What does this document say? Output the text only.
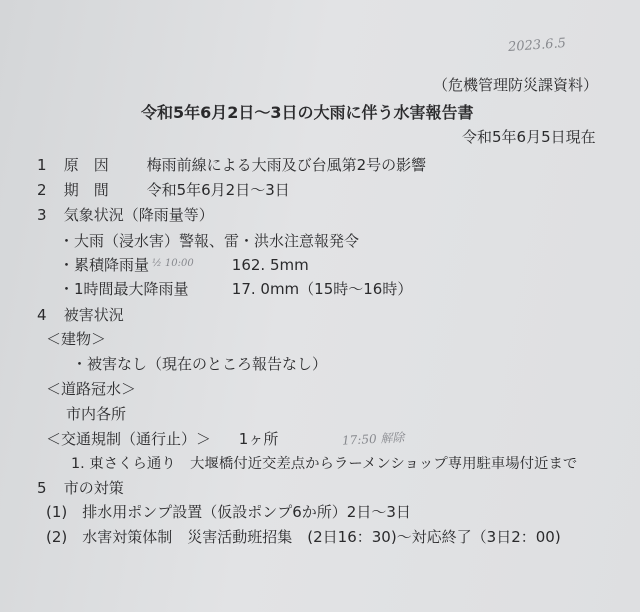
2023.6.5
（危機管理防災課資料）
令和5年6月2日～3日の大雨に伴う水害報告書
令和5年6月5日現在
1 原　因	梅雨前線による大雨及び台風第2号の影響
2 期　間	令和5年6月2日～3日
3 気象状況（降雨量等）
・大雨（浸水害）警報、雷・洪水注意報発令
・累積降雨量	162. 5mm
½ 10:00
・1時間最大降雨量	17. 0mm（15時～16時）
4 被害状況
＜建物＞
・被害なし（現在のところ報告なし）
＜道路冠水＞
市内各所
＜交通規制（通行止）＞ 1ヶ所	17:50 解除
1. 東さくら通り　大堰橋付近交差点からラーメンショップ専用駐車場付近まで
5 市の対策
(1)　排水用ポンプ設置（仮設ポンプ6か所）2日～3日
(2)　水害対策体制　災害活動班招集　(2日16：30)～対応終了（3日2：00)
